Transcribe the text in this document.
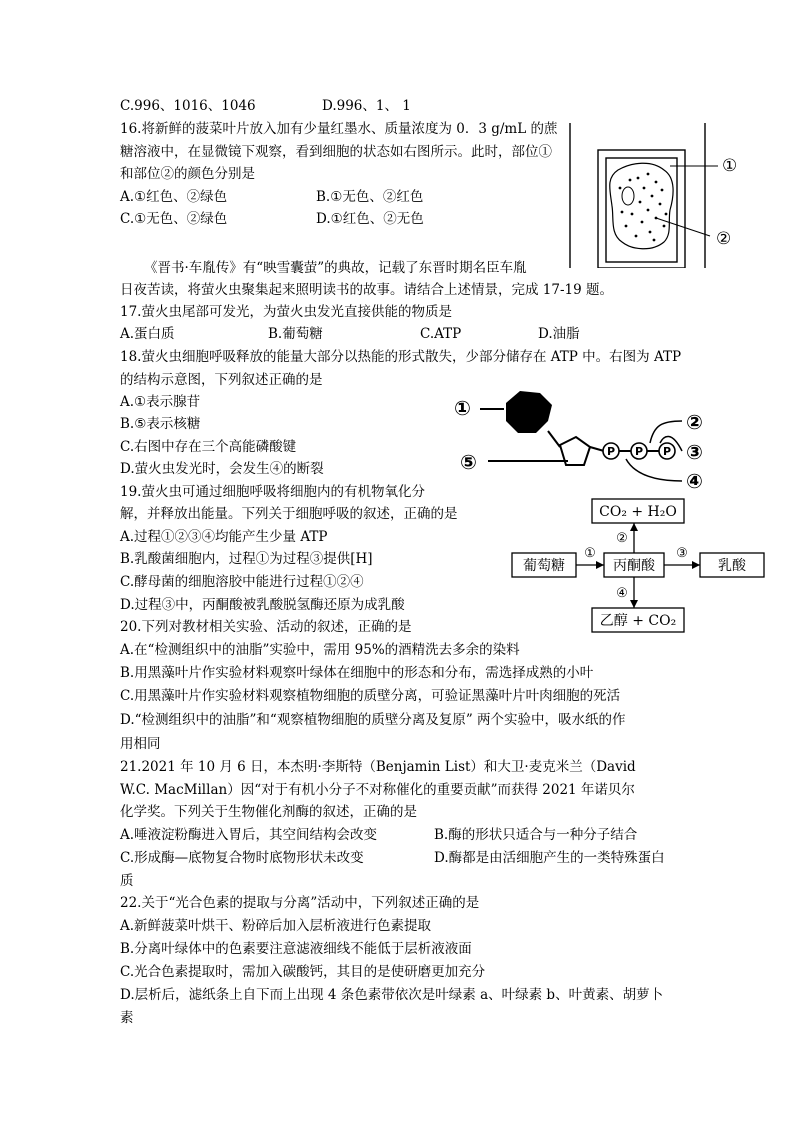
C.996、1016、1046	D.996、1、 1
16.将新鲜的菠菜叶片放入加有少量红墨水、质量浓度为 0．3 g/mL 的蔗
糖溶液中，在显微镜下观察，看到细胞的状态如右图所示。此时，部位①
和部位②的颜色分别是
A.①红色、②绿色	B.①无色、②红色
C.①无色、②绿色	D.①红色、②无色
①
②
《晋书·车胤传》有“映雪囊萤”的典故，记载了东晋时期名臣车胤
日夜苦读，将萤火虫聚集起来照明读书的故事。请结合上述情景，完成 17-19 题。
17.萤火虫尾部可发光，为萤火虫发光直接供能的物质是
A.蛋白质	B.葡萄糖	C.ATP	D.油脂
18.萤火虫细胞呼吸释放的能量大部分以热能的形式散失，少部分储存在 ATP 中。右图为 ATP
的结构示意图，下列叙述正确的是
A.①表示腺苷
B.⑤表示核糖
C.右图中存在三个高能磷酸键
D.萤火虫发光时，会发生④的断裂
①
⑤
②
③
④
P P P
19.萤火虫可通过细胞呼吸将细胞内的有机物氧化分
解，并释放出能量。下列关于细胞呼吸的叙述，正确的是
A.过程①②③④均能产生少量 ATP
B.乳酸菌细胞内，过程①为过程③提供[H]
C.酵母菌的细胞溶胶中能进行过程①②④
D.过程③中，丙酮酸被乳酸脱氢酶还原为成乳酸
CO₂ + H₂O
葡萄糖	丙酮酸	乳酸
乙醇 + CO₂
①
②
③
④
20.下列对教材相关实验、活动的叙述，正确的是
A.在“检测组织中的油脂”实验中，需用 95%的酒精洗去多余的染料
B.用黑藻叶片作实验材料观察叶绿体在细胞中的形态和分布，需选择成熟的小叶
C.用黑藻叶片作实验材料观察植物细胞的质壁分离，可验证黑藻叶片叶肉细胞的死活
D.“检测组织中的油脂”和“观察植物细胞的质壁分离及复原” 两个实验中，吸水纸的作
用相同
21.2021 年 10 月 6 日，本杰明·李斯特（Benjamin List）和大卫·麦克米兰（David
W.C. MacMillan）因“对于有机小分子不对称催化的重要贡献”而获得 2021 年诺贝尔
化学奖。下列关于生物催化剂酶的叙述，正确的是
A.唾液淀粉酶进入胃后，其空间结构会改变	B.酶的形状只适合与一种分子结合
C.形成酶—底物复合物时底物形状未改变	D.酶都是由活细胞产生的一类特殊蛋白
质
22.关于“光合色素的提取与分离”活动中，下列叙述正确的是
A.新鲜菠菜叶烘干、粉碎后加入层析液进行色素提取
B.分离叶绿体中的色素要注意滤液细线不能低于层析液液面
C.光合色素提取时，需加入碳酸钙，其目的是使研磨更加充分
D.层析后，滤纸条上自下而上出现 4 条色素带依次是叶绿素 a、叶绿素 b、叶黄素、胡萝卜
素
